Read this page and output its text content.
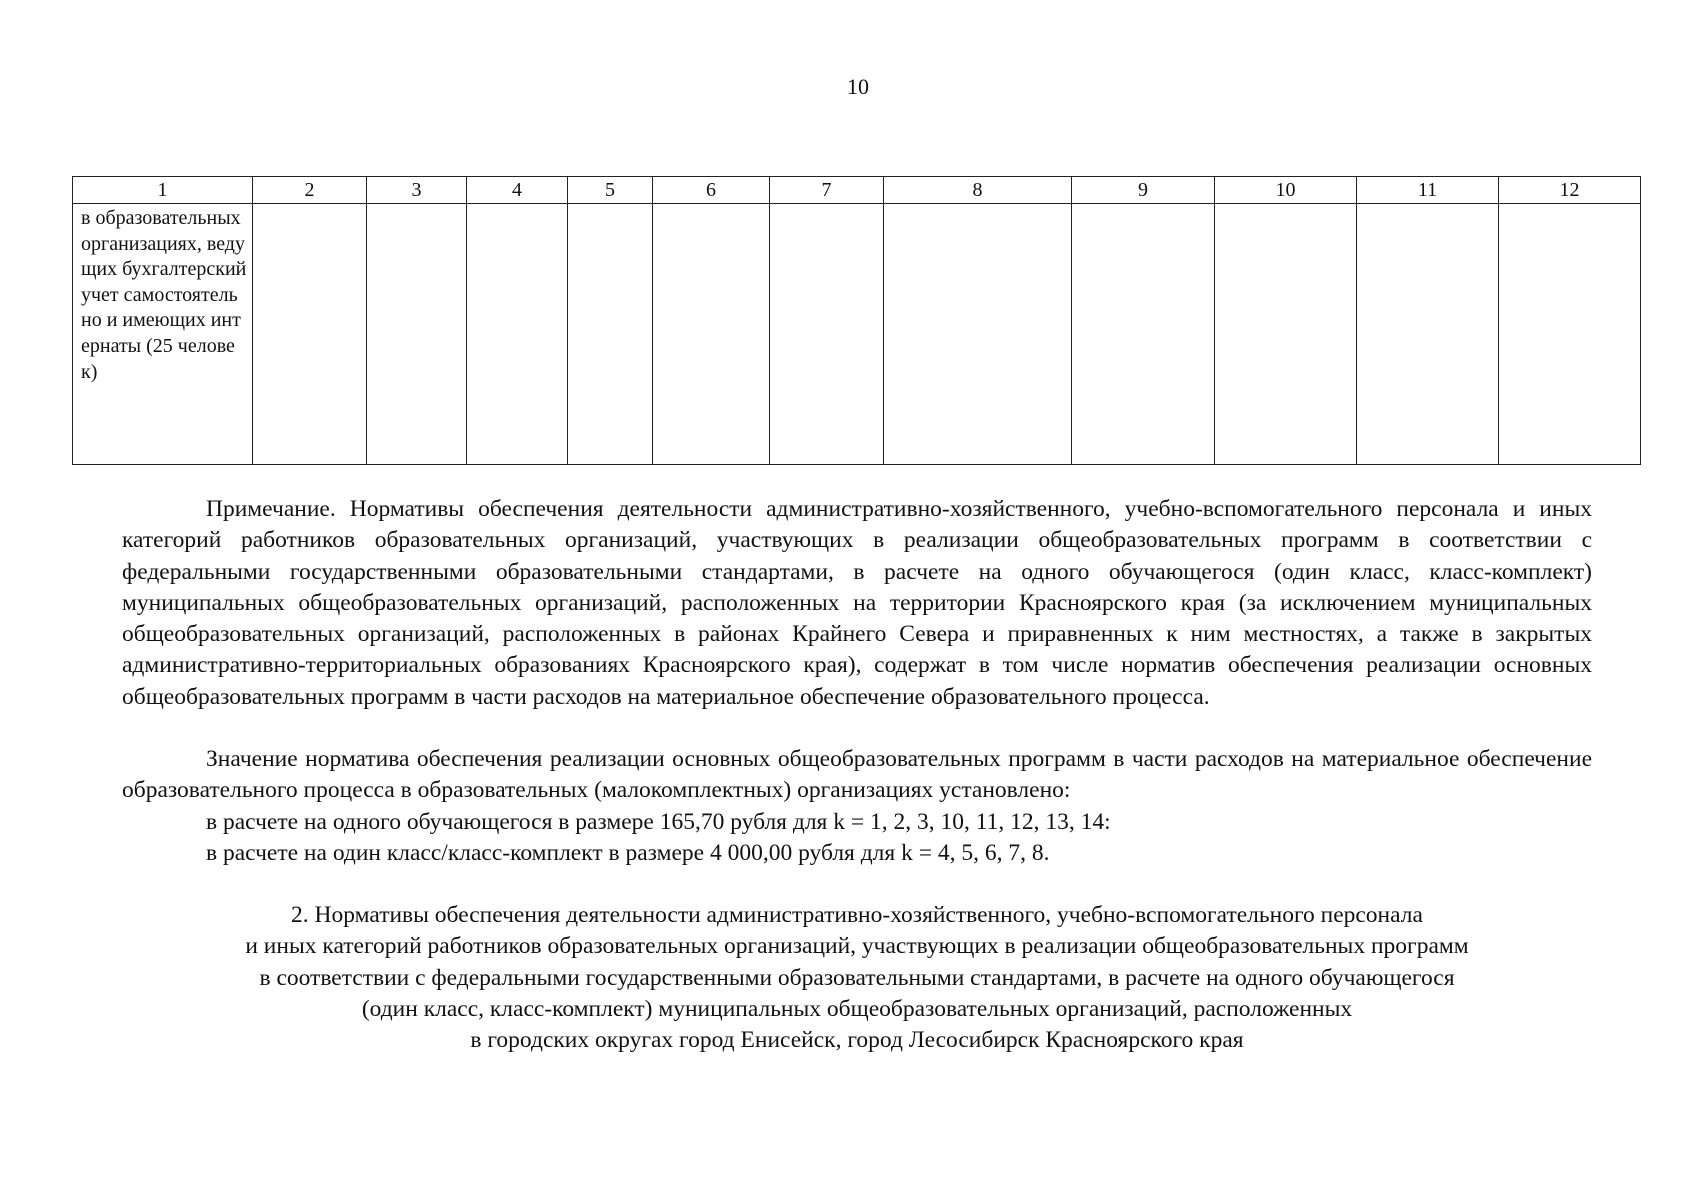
10
1	2	3	4	5	6	7	8	9	10	11	12
в образовательных организациях, ведущих бухгалтерский учет самостоятельно и имеющих интернаты (25 человек)											

Примечание. Нормативы обеспечения деятельности административно-хозяйственного, учебно-вспомогательного персонала и иных категорий работников образовательных организаций, участвующих в реализации общеобразовательных программ в соответствии с федеральными государственными образовательными стандартами, в расчете на одного обучающегося (один класс, класс-комплект) муниципальных общеобразовательных организаций, расположенных на территории Красноярского края (за исключением муниципальных общеобразовательных организаций, расположенных в районах Крайнего Севера и приравненных к ним местностях, а также в закрытых административно-территориальных образованиях Красноярского края), содержат в том числе норматив обеспечения реализации основных общеобразовательных программ в части расходов на материальное обеспечение образовательного процесса.

Значение норматива обеспечения реализации основных общеобразовательных программ в части расходов на материальное обеспечение образовательного процесса в образовательных (малокомплектных) организациях установлено:

в расчете на одного обучающегося в размере 165,70 рубля для k = 1, 2, 3, 10, 11, 12, 13, 14:

в расчете на один класс/класс-комплект в размере 4 000,00 рубля для k = 4, 5, 6, 7, 8.

2. Нормативы обеспечения деятельности административно-хозяйственного, учебно-вспомогательного персонала
и иных категорий работников образовательных организаций, участвующих в реализации общеобразовательных программ
в соответствии с федеральными государственными образовательными стандартами, в расчете на одного обучающегося
(один класс, класс-комплект) муниципальных общеобразовательных организаций, расположенных
в городских округах город Енисейск, город Лесосибирск Красноярского края
